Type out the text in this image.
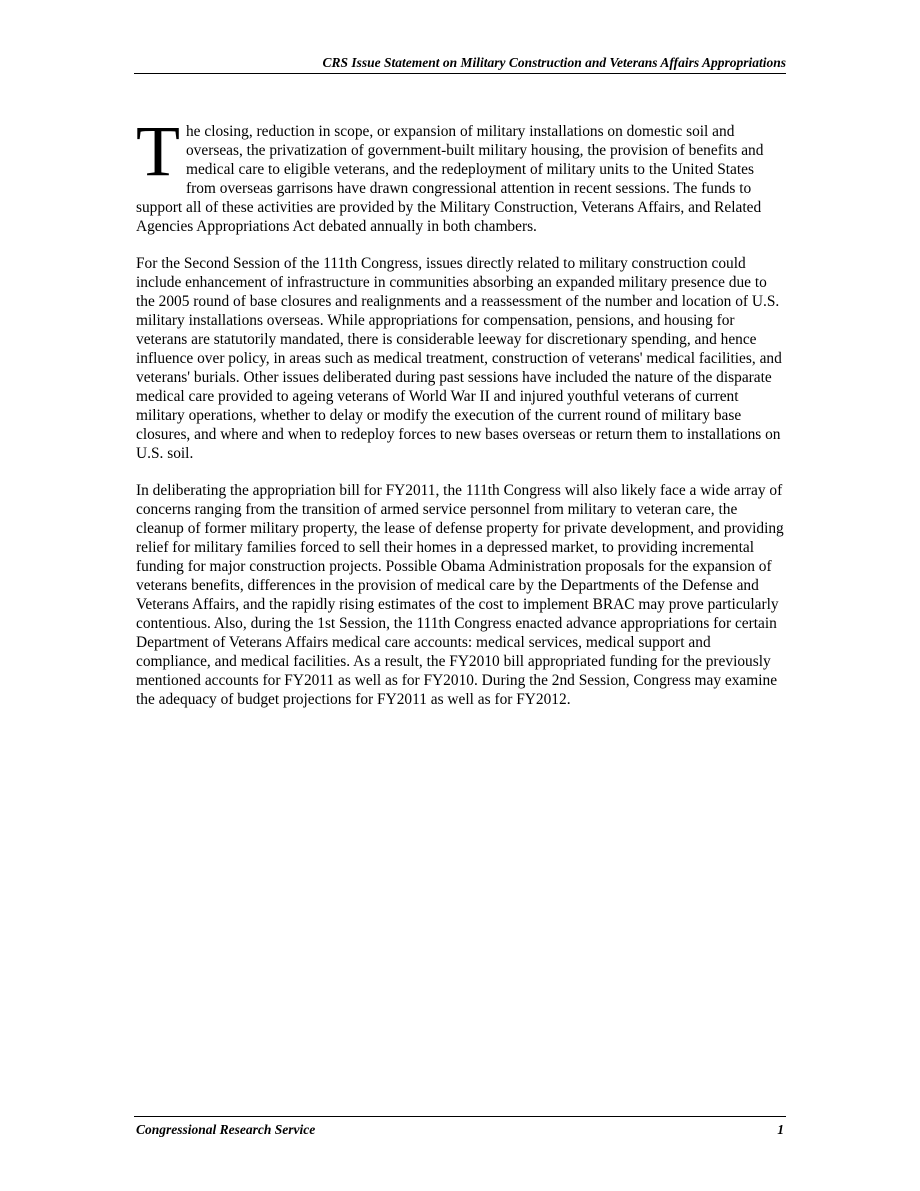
CRS Issue Statement on Military Construction and Veterans Affairs Appropriations

The closing, reduction in scope, or expansion of military installations on domestic soil and overseas, the privatization of government-built military housing, the provision of benefits and medical care to eligible veterans, and the redeployment of military units to the United States from overseas garrisons have drawn congressional attention in recent sessions. The funds to support all of these activities are provided by the Military Construction, Veterans Affairs, and Related Agencies Appropriations Act debated annually in both chambers.

For the Second Session of the 111th Congress, issues directly related to military construction could include enhancement of infrastructure in communities absorbing an expanded military presence due to the 2005 round of base closures and realignments and a reassessment of the number and location of U.S. military installations overseas. While appropriations for compensation, pensions, and housing for veterans are statutorily mandated, there is considerable leeway for discretionary spending, and hence influence over policy, in areas such as medical treatment, construction of veterans' medical facilities, and veterans' burials. Other issues deliberated during past sessions have included the nature of the disparate medical care provided to ageing veterans of World War II and injured youthful veterans of current military operations, whether to delay or modify the execution of the current round of military base closures, and where and when to redeploy forces to new bases overseas or return them to installations on U.S. soil.

In deliberating the appropriation bill for FY2011, the 111th Congress will also likely face a wide array of concerns ranging from the transition of armed service personnel from military to veteran care, the cleanup of former military property, the lease of defense property for private development, and providing relief for military families forced to sell their homes in a depressed market, to providing incremental funding for major construction projects. Possible Obama Administration proposals for the expansion of veterans benefits, differences in the provision of medical care by the Departments of the Defense and Veterans Affairs, and the rapidly rising estimates of the cost to implement BRAC may prove particularly contentious. Also, during the 1st Session, the 111th Congress enacted advance appropriations for certain Department of Veterans Affairs medical care accounts: medical services, medical support and compliance, and medical facilities. As a result, the FY2010 bill appropriated funding for the previously mentioned accounts for FY2011 as well as for FY2010. During the 2nd Session, Congress may examine the adequacy of budget projections for FY2011 as well as for FY2012.

Congressional Research Service	1
